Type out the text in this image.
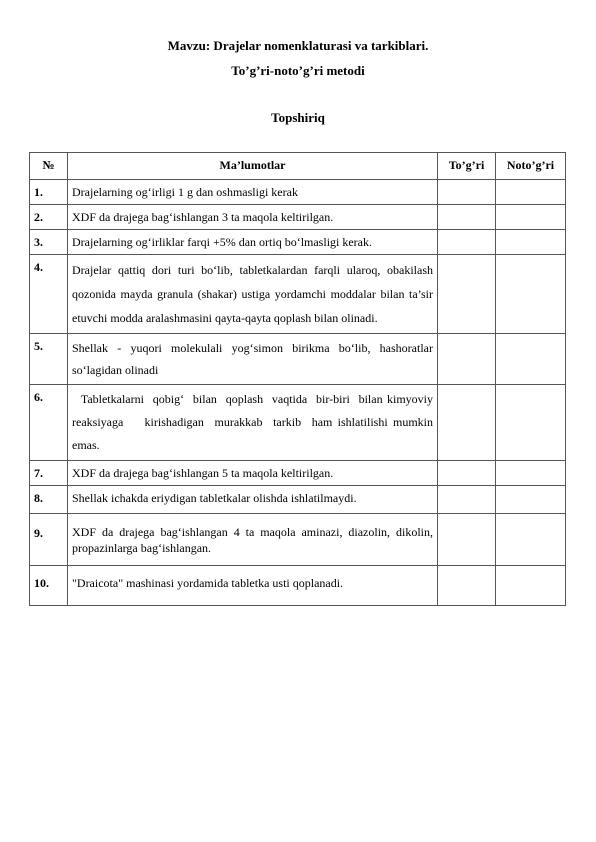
Mavzu: Drajelar nomenklaturasi va tarkiblari.
To’g’ri-noto’g’ri metodi
Topshiriq
№	Ma’lumotlar	To’g’ri	Noto’g’ri
1.	Drajelarning og‘irligi 1 g dan oshmasligi kerak		
2.	XDF da drajega bag‘ishlangan 3 ta maqola keltirilgan.		
3.	Drajelarning og‘irliklar farqi +5% dan ortiq bo‘lmasligi kerak.		
4.	Drajelar qattiq dori turi bo‘lib, tabletkalardan farqli ularoq, obakilash qozonida mayda granula (shakar) ustiga yordamchi moddalar bilan ta’sir etuvchi modda aralashmasini qayta-qayta qoplash bilan olinadi.		
5.	Shellak - yuqori molekulali yog‘simon birikma bo‘lib, hashoratlar so‘lagidan olinadi		
6.	Tabletkalarni  qobig‘  bilan  qoplash  vaqtida  bir-biri  bilan kimyoviy    reaksiyaga    kirishadigan  murakkab  tarkib  ham ishlatilishi mumkin emas.		
7.	XDF da drajega bag‘ishlangan 5 ta maqola keltirilgan.		
8.	Shellak ichakda eriydigan tabletkalar olishda ishlatilmaydi.		
9.	XDF da drajega bag‘ishlangan 4 ta maqola aminazi, diazolin, dikolin, propazinlarga bag‘ishlangan.		
10.	"Draicota" mashinasi yordamida tabletka usti qoplanadi.		
